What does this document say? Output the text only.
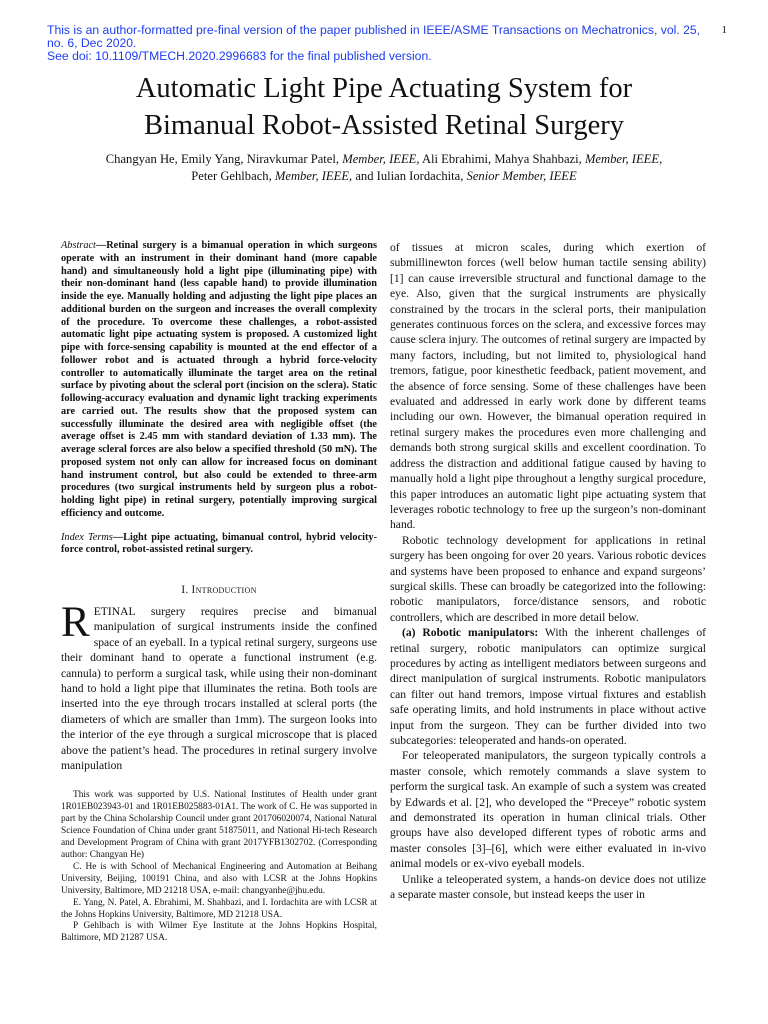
This is an author-formatted pre-final version of the paper published in IEEE/ASME Transactions on Mechatronics, vol. 25,
no. 6, Dec 2020.
See doi: 10.1109/TMECH.2020.2996683 for the final published version.
1
Automatic Light Pipe Actuating System for
Bimanual Robot-Assisted Retinal Surgery
Changyan He, Emily Yang, Niravkumar Patel, Member, IEEE, Ali Ebrahimi, Mahya Shahbazi, Member, IEEE,
Peter Gehlbach, Member, IEEE, and Iulian Iordachita, Senior Member, IEEE

Abstract—Retinal surgery is a bimanual operation in which surgeons operate with an instrument in their dominant hand (more capable hand) and simultaneously hold a light pipe (illuminating pipe) with their non-dominant hand (less capable hand) to provide illumination inside the eye. Manually holding and adjusting the light pipe places an additional burden on the surgeon and increases the overall complexity of the procedure. To overcome these challenges, a robot-assisted automatic light pipe actuating system is proposed. A customized light pipe with force-sensing capability is mounted at the end effector of a follower robot and is actuated through a hybrid force-velocity controller to automatically illuminate the target area on the retinal surface by pivoting about the scleral port (incision on the sclera). Static following-accuracy evaluation and dynamic light tracking experiments are carried out. The results show that the proposed system can successfully illuminate the desired area with negligible offset (the average offset is 2.45 mm with standard deviation of 1.33 mm). The average scleral forces are also below a specified threshold (50 mN). The proposed system not only can allow for increased focus on dominant hand instrument control, but also could be extended to three-arm procedures (two surgical instruments held by surgeon plus a robot-holding light pipe) in retinal surgery, potentially improving surgical efficiency and outcome.

Index Terms—Light pipe actuating, bimanual control, hybrid velocity-force control, robot-assisted retinal surgery.

I. Introduction

RETINAL surgery requires precise and bimanual manipulation of surgical instruments inside the confined space of an eyeball. In a typical retinal surgery, surgeons use their dominant hand to operate a functional instrument (e.g. cannula) to perform a surgical task, while using their non-dominant hand to hold a light pipe that illuminates the retina. Both tools are inserted into the eye through trocars installed at scleral ports (the diameters of which are smaller than 1mm). The surgeon looks into the interior of the eye through a surgical microscope that is placed above the patient’s head. The procedures in retinal surgery involve manipulation

This work was supported by U.S. National Institutes of Health under grant 1R01EB023943-01 and 1R01EB025883-01A1. The work of C. He was supported in part by the China Scholarship Council under grant 201706020074, National Natural Science Foundation of China under grant 51875011, and National Hi-tech Research and Development Program of China with grant 2017YFB1302702. (Corresponding author: Changyan He)

C. He is with School of Mechanical Engineering and Automation at Beihang University, Beijing, 100191 China, and also with LCSR at the Johns Hopkins University, Baltimore, MD 21218 USA, e-mail: changyanhe@jhu.edu.

E. Yang, N. Patel, A. Ebrahimi, M. Shahbazi, and I. Iordachita are with LCSR at the Johns Hopkins University, Baltimore, MD 21218 USA.

P Gehlbach is with Wilmer Eye Institute at the Johns Hopkins Hospital, Baltimore, MD 21287 USA.

of tissues at micron scales, during which exertion of submillinewton forces (well below human tactile sensing ability) [1] can cause irreversible structural and functional damage to the eye. Also, given that the surgical instruments are physically constrained by the trocars in the scleral ports, their manipulation generates continuous forces on the sclera, and excessive forces may cause sclera injury. The outcomes of retinal surgery are impacted by many factors, including, but not limited to, physiological hand tremors, fatigue, poor kinesthetic feedback, patient movement, and the absence of force sensing. Some of these challenges have been evaluated and addressed in early work done by different teams including our own. However, the bimanual operation required in retinal surgery makes the procedures even more challenging and demands both strong surgical skills and excellent coordination. To address the distraction and additional fatigue caused by having to manually hold a light pipe throughout a lengthy surgical procedure, this paper introduces an automatic light pipe actuating system that leverages robotic technology to free up the surgeon’s non-dominant hand.

Robotic technology development for applications in retinal surgery has been ongoing for over 20 years. Various robotic devices and systems have been proposed to enhance and expand surgeons’ surgical skills. These can broadly be categorized into the following: robotic manipulators, force/distance sensors, and robotic controllers, which are described in more detail below.

(a) Robotic manipulators: With the inherent challenges of retinal surgery, robotic manipulators can optimize surgical procedures by acting as intelligent mediators between surgeons and direct manipulation of surgical instruments. Robotic manipulators can filter out hand tremors, impose virtual fixtures and establish safe operating limits, and hold instruments in place without active input from the surgeon. They can be further divided into two subcategories: teleoperated and hands-on operated.

For teleoperated manipulators, the surgeon typically controls a master console, which remotely commands a slave system to perform the surgical task. An example of such a system was created by Edwards et al. [2], who developed the “Preceye” robotic system and demonstrated its operation in human clinical trials. Other groups have also developed different types of robotic arms and master consoles [3]–[6], which were either evaluated in in-vivo animal models or ex-vivo eyeball models.

Unlike a teleoperated system, a hands-on device does not utilize a separate master console, but instead keeps the user in
